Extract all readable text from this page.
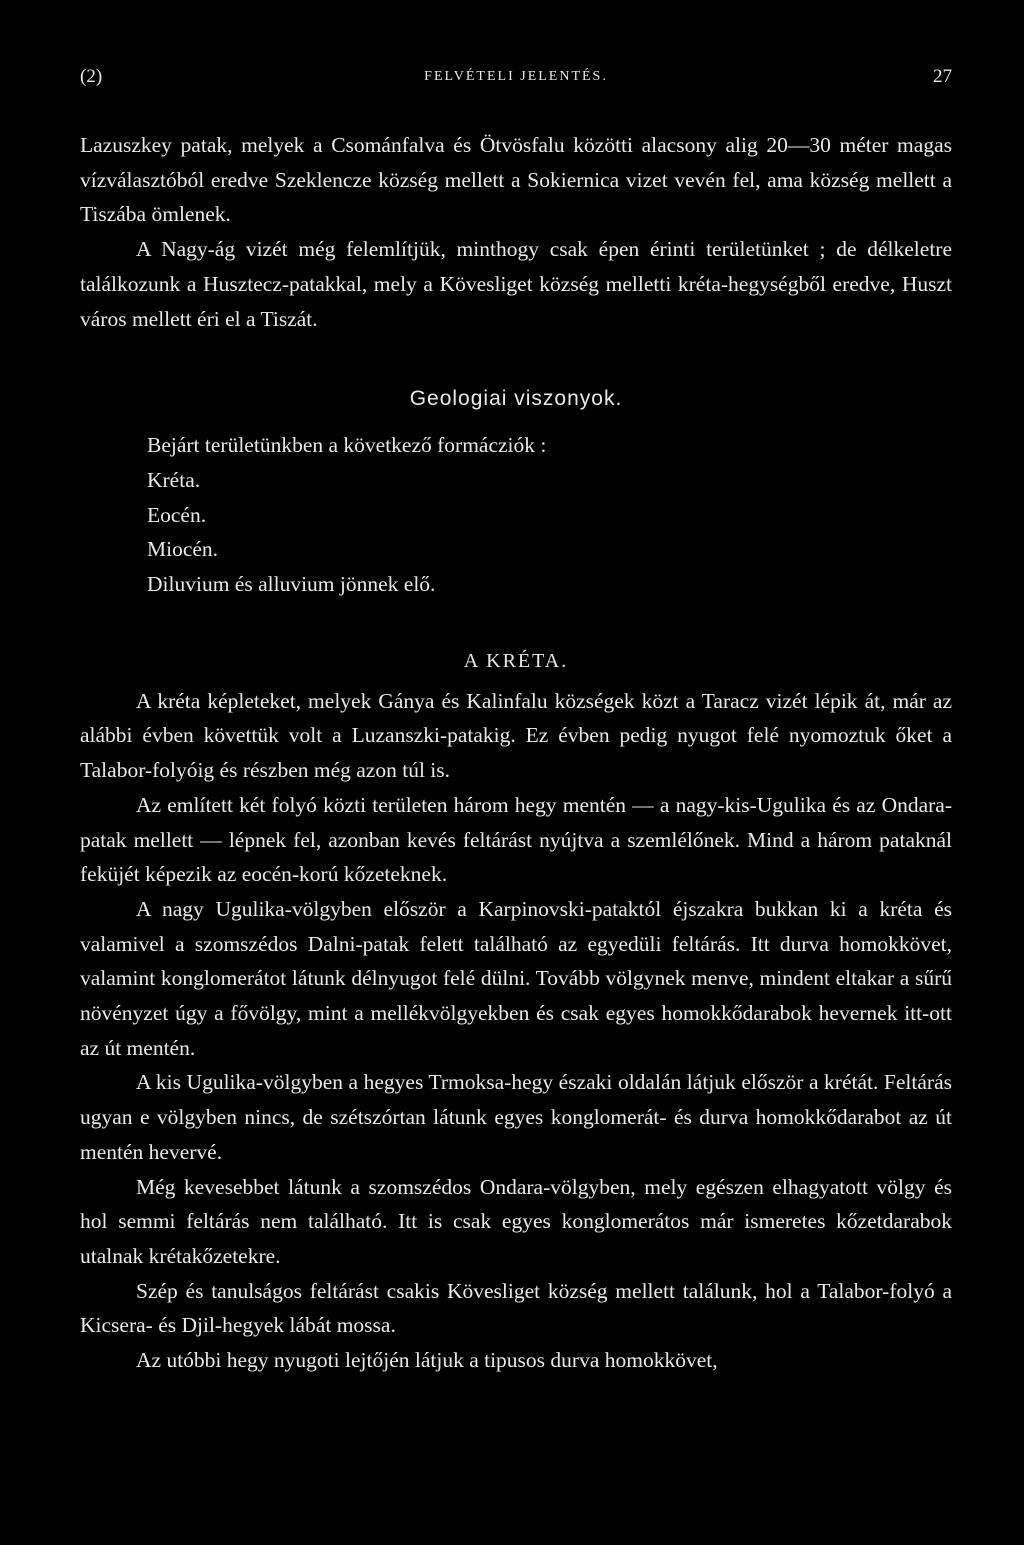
(2)	FELVÉTELI JELENTÉS.	27

Lazuszkey patak, melyek a Csománfalva és Ötvösfalu közötti alacsony alig 20—30 méter magas vízválasztóból eredve Szeklencze község mellett a Sokiernica vizet vevén fel, ama község mellett a Tiszába ömlenek.

A Nagy-ág vizét még felemlítjük, minthogy csak épen érinti területünket ; de délkeletre találkozunk a Husztecz-patakkal, mely a Kövesliget község melletti kréta-hegységből eredve, Huszt város mellett éri el a Tiszát.

Geologiai viszonyok.
Bejárt területünkben a következő formácziók :
Kréta.
Eocén.
Miocén.
Diluvium és alluvium jönnek elő.
A KRÉTA.

A kréta képleteket, melyek Gánya és Kalinfalu községek közt a Taracz vizét lépik át, már az alábbi évben követtük volt a Luzanszki-patakig. Ez évben pedig nyugot felé nyomoztuk őket a Talabor-folyóig és részben még azon túl is.

Az említett két folyó közti területen három hegy mentén — a nagy-kis-Ugulika és az Ondara-patak mellett — lépnek fel, azonban kevés feltárást nyújtva a szemlélőnek. Mind a három pataknál feküjét képezik az eocén-korú kőzeteknek.

A nagy Ugulika-völgyben először a Karpinovski-pataktól éjszakra bukkan ki a kréta és valamivel a szomszédos Dalni-patak felett található az egyedüli feltárás. Itt durva homokkövet, valamint konglomerátot látunk délnyugot felé dülni. Tovább völgynek menve, mindent eltakar a sűrű növényzet úgy a fővölgy, mint a mellékvölgyekben és csak egyes homokkődarabok hevernek itt-ott az út mentén.

A kis Ugulika-völgyben a hegyes Trmoksa-hegy északi oldalán látjuk először a krétát. Feltárás ugyan e völgyben nincs, de szétszórtan látunk egyes konglomerát- és durva homokkődarabot az út mentén hevervé.

Még kevesebbet látunk a szomszédos Ondara-völgyben, mely egészen elhagyatott völgy és hol semmi feltárás nem található. Itt is csak egyes konglomerátos már ismeretes kőzetdarabok utalnak krétakőzetekre.

Szép és tanulságos feltárást csakis Kövesliget község mellett találunk, hol a Talabor-folyó a Kicsera- és Djil-hegyek lábát mossa.

Az utóbbi hegy nyugoti lejtőjén látjuk a tipusos durva homokkövet,
